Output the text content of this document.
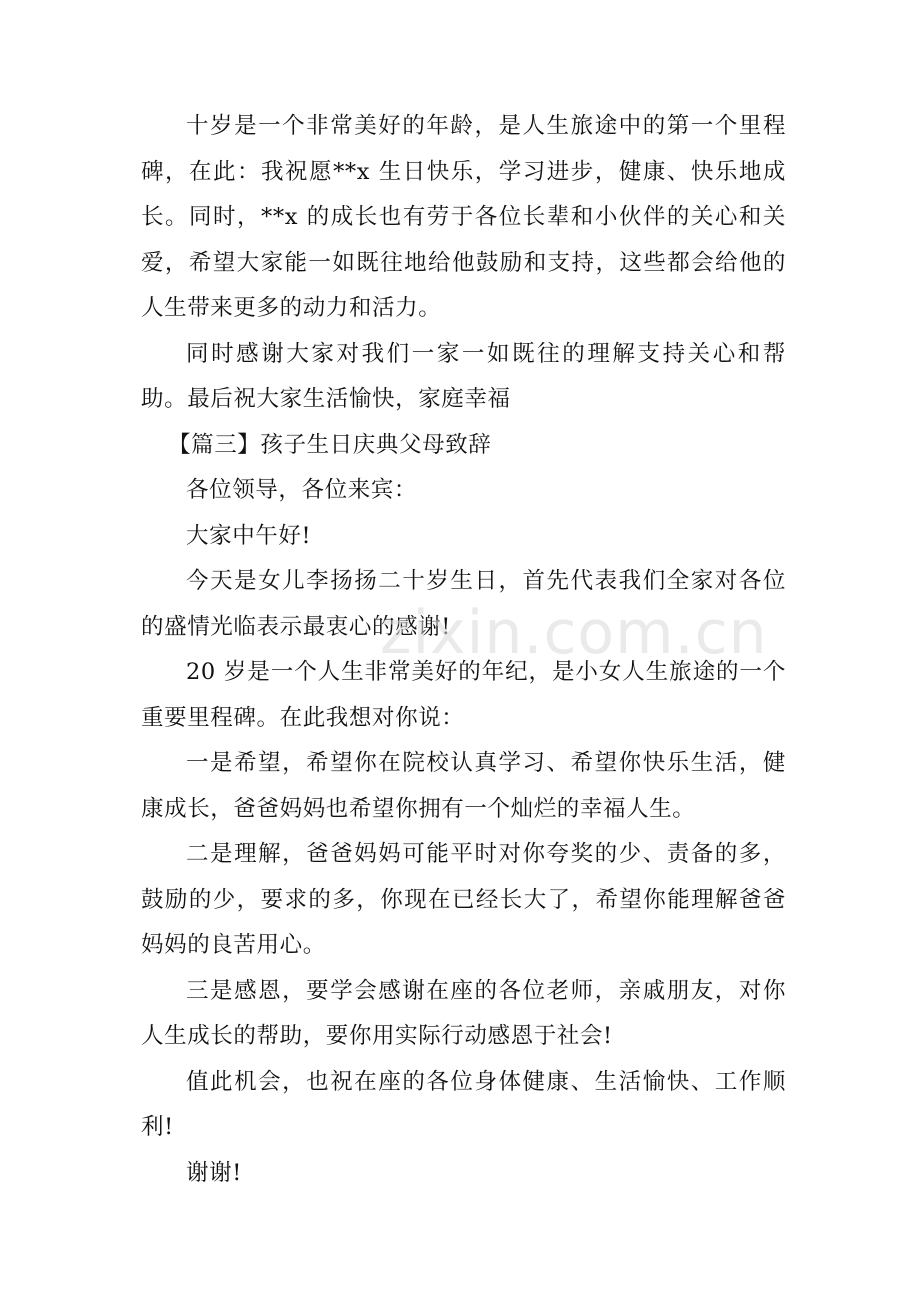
十岁是一个非常美好的年龄，是人生旅途中的第一个里程碑，在此：我祝愿**x 生日快乐，学习进步，健康、快乐地成长。同时，**x 的成长也有劳于各位长辈和小伙伴的关心和关爱，希望大家能一如既往地给他鼓励和支持，这些都会给他的人生带来更多的动力和活力。

同时感谢大家对我们一家一如既往的理解支持关心和帮助。最后祝大家生活愉快，家庭幸福

【篇三】孩子生日庆典父母致辞

各位领导，各位来宾：

大家中午好!

今天是女儿李扬扬二十岁生日，首先代表我们全家对各位的盛情光临表示最衷心的感谢!

20 岁是一个人生非常美好的年纪，是小女人生旅途的一个重要里程碑。在此我想对你说：

一是希望，希望你在院校认真学习、希望你快乐生活，健康成长，爸爸妈妈也希望你拥有一个灿烂的幸福人生。

二是理解，爸爸妈妈可能平时对你夸奖的少、责备的多，鼓励的少，要求的多，你现在已经长大了，希望你能理解爸爸妈妈的良苦用心。

三是感恩，要学会感谢在座的各位老师，亲戚朋友，对你人生成长的帮助，要你用实际行动感恩于社会!

值此机会，也祝在座的各位身体健康、生活愉快、工作顺利!

谢谢!

zixin.com.cn
